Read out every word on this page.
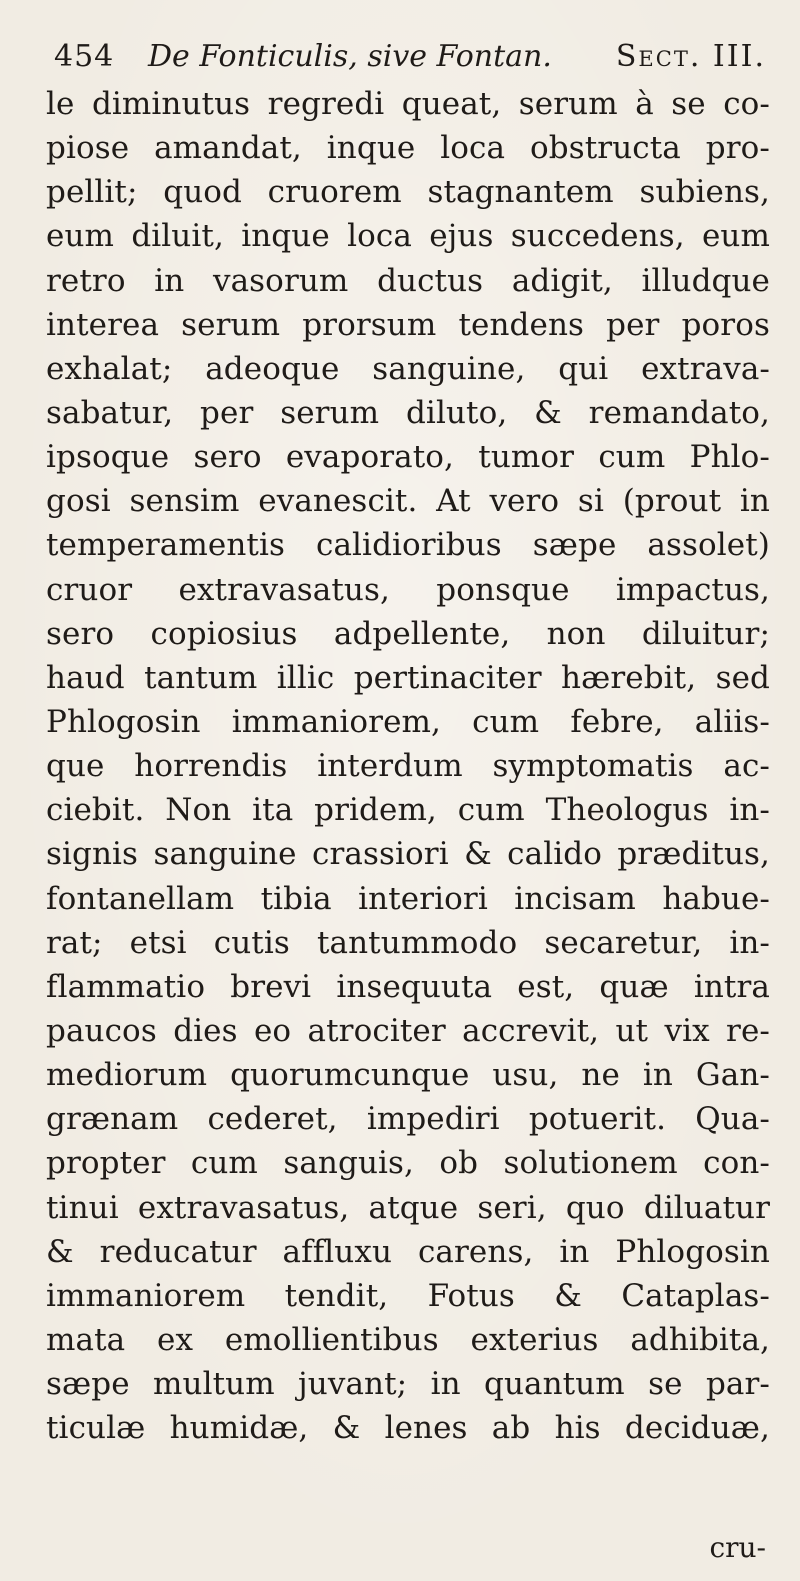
454 De Fonticulis, sive Fontan. Sect. III.
le diminutus regredi queat, serum à se co-
piose amandat, inque loca obstructa pro-
pellit; quod cruorem stagnantem subiens,
eum diluit, inque loca ejus succedens, eum
retro in vasorum ductus adigit, illudque
interea serum prorsum tendens per poros
exhalat; adeoque sanguine, qui extrava-
sabatur, per serum diluto, & remandato,
ipsoque sero evaporato, tumor cum Phlo-
gosi sensim evanescit. At vero si (prout in
temperamentis calidioribus sæpe assolet)
cruor extravasatus, ponsque impactus,
sero copiosius adpellente, non diluitur;
haud tantum illic pertinaciter hærebit, sed
Phlogosin immaniorem, cum febre, aliis-
que horrendis interdum symptomatis ac-
ciebit. Non ita pridem, cum Theologus in-
signis sanguine crassiori & calido præditus,
fontanellam tibia interiori incisam habue-
rat; etsi cutis tantummodo secaretur, in-
flammatio brevi insequuta est, quæ intra
paucos dies eo atrociter accrevit, ut vix re-
mediorum quorumcunque usu, ne in Gan-
grænam cederet, impediri potuerit. Qua-
propter cum sanguis, ob solutionem con-
tinui extravasatus, atque seri, quo diluatur
& reducatur affluxu carens, in Phlogosin
immaniorem tendit, Fotus & Cataplas-
mata ex emollientibus exterius adhibita,
sæpe multum juvant; in quantum se par-
ticulæ humidæ, & lenes ab his deciduæ,
cru-
